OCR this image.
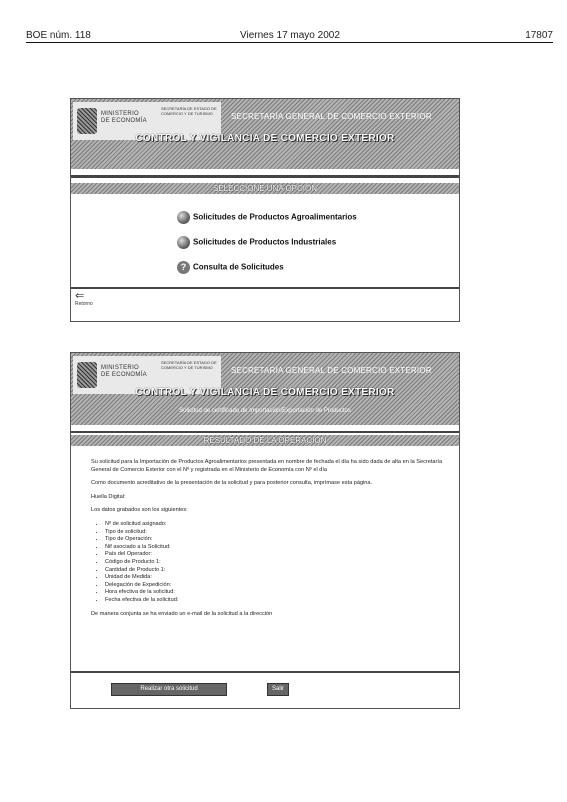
BOE núm. 118	Viernes 17 mayo 2002	17807
MINISTERIO
DE ECONOMÍA
SECRETARÍA DE ESTADO DE COMERCIO Y DE TURISMO	SECRETARÍA GENERAL DE COMERCIO EXTERIOR
CONTROL Y VIGILANCIA DE COMERCIO EXTERIOR
SELECCIONE UNA OPCIÓN
Solicitudes de Productos Agroalimentarios
Solicitudes de Productos Industriales
? Consulta de Solicitudes
⇐
Retorno
MINISTERIO
DE ECONOMÍA
SECRETARÍA DE ESTADO DE COMERCIO Y DE TURISMO	SECRETARÍA GENERAL DE COMERCIO EXTERIOR
CONTROL Y VIGILANCIA DE COMERCIO EXTERIOR
Solicitud de certificado de Importación/Exportación de Productos
RESULTADO DE LA OPERACIÓN

Su solicitud para la Importación de Productos Agroalimentarios presentada en nombre de fechada el día ha sido dada de alta en la Secretaría General de Comercio Exterior con el Nº y registrada en el Ministerio de Economía con Nº el día

Como documento acreditativo de la presentación de la solicitud y para posterior consulta, imprímase esta página.

Huella Digital:

Los datos grabados son los siguientes:

• Nº de solicitud asignado:
• Tipo de solicitud:
• Tipo de Operación:
• Nif asociado a la Solicitud:
• País del Operador:
• Código de Producto 1:
• Cantidad de Producto 1:
• Unidad de Medida:
• Delegación de Expedición:
• Hora efectiva de la solicitud:
• Fecha efectiva de la solicitud:

De manera conjunta se ha enviado un e-mail de la solicitud a la dirección

Realizar otra solicitud	Salir
